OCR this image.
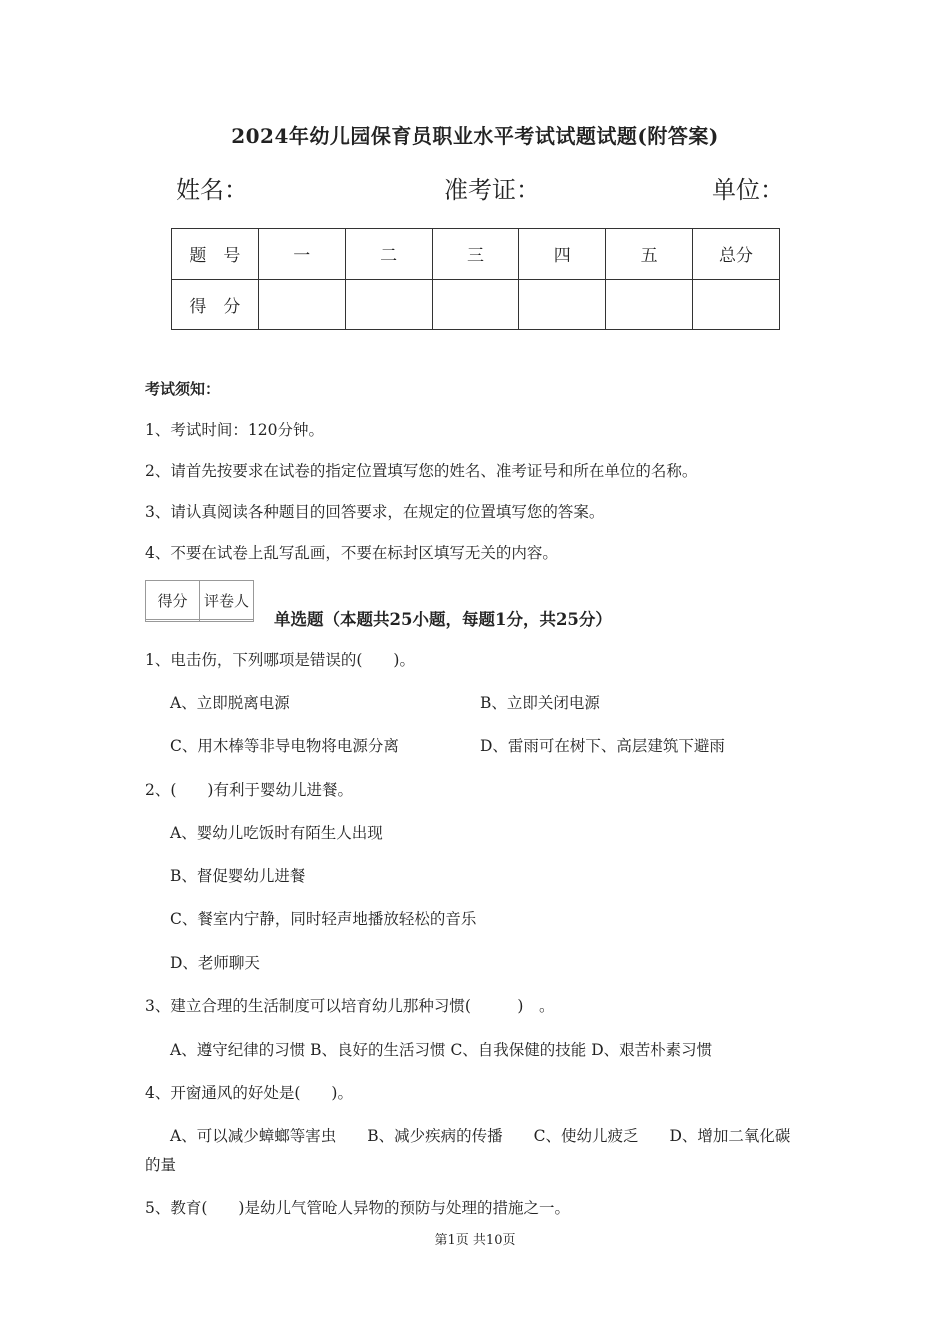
2024年幼儿园保育员职业水平考试试题试题(附答案)
姓名：	准考证：	单位：
题　号	一	二	三	四	五	总分
得　分						
考试须知：
1、考试时间：120分钟。
2、请首先按要求在试卷的指定位置填写您的姓名、准考证号和所在单位的名称。
3、请认真阅读各种题目的回答要求，在规定的位置填写您的答案。
4、不要在试卷上乱写乱画，不要在标封区填写无关的内容。
得分	评卷人

单选题（本题共25小题，每题1分，共25分）
1、电击伤，下列哪项是错误的(　　)。
A、立即脱离电源	B、立即关闭电源
C、用木棒等非导电物将电源分离	D、雷雨可在树下、高层建筑下避雨
2、(　　)有利于婴幼儿进餐。
A、婴幼儿吃饭时有陌生人出现
B、督促婴幼儿进餐
C、餐室内宁静，同时轻声地播放轻松的音乐
D、老师聊天
3、建立合理的生活制度可以培育幼儿那种习惯(　　　)　。
A、遵守纪律的习惯 B、良好的生活习惯 C、自我保健的技能 D、艰苦朴素习惯
4、开窗通风的好处是(　　)。
A、可以减少蟑螂等害虫　　B、减少疾病的传播　　C、使幼儿疲乏　　D、增加二氧化碳
的量
5、教育(　　)是幼儿气管呛人异物的预防与处理的措施之一。
第1页 共10页
